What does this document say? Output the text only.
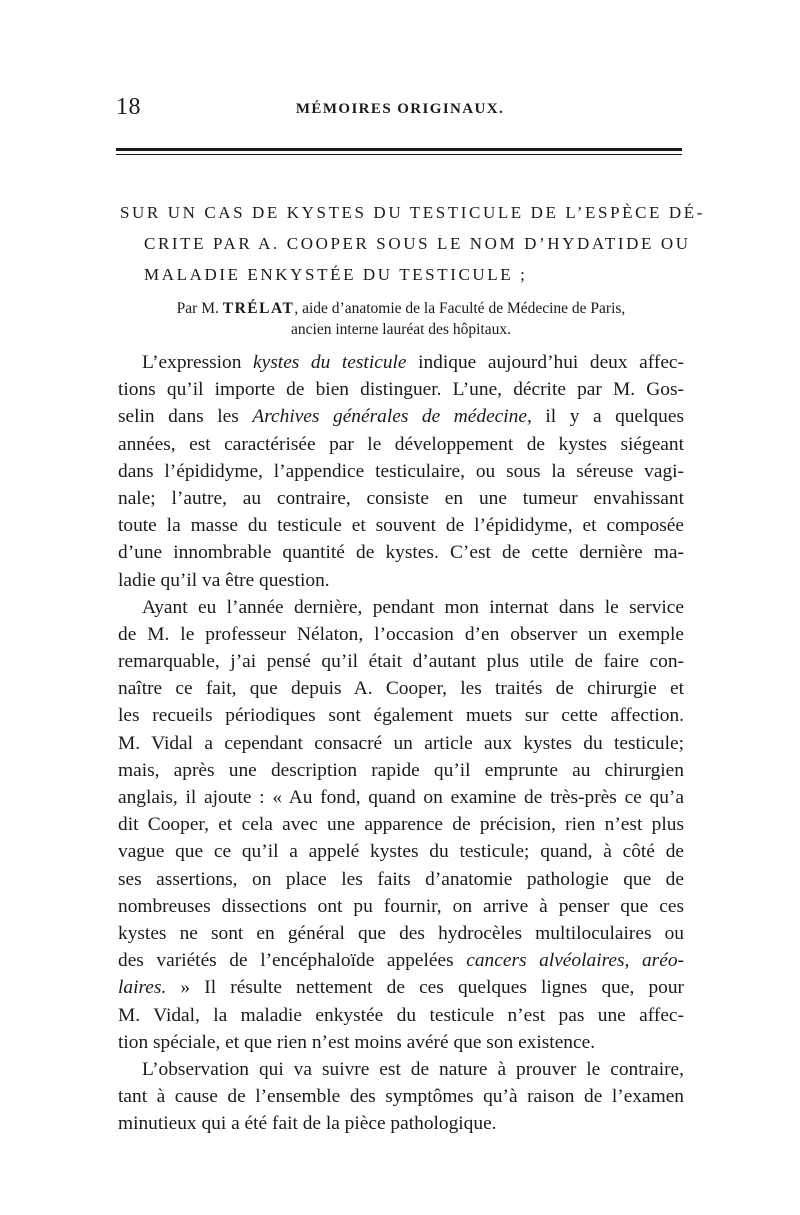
18	MÉMOIRES ORIGINAUX.
SUR UN CAS DE KYSTES DU TESTICULE DE L’ESPÈCE DÉ-
CRITE PAR A. COOPER SOUS LE NOM D’HYDATIDE OU
MALADIE ENKYSTÉE DU TESTICULE ;
Par M. TRÉLAT, aide d’anatomie de la Faculté de Médecine de Paris,
ancien interne lauréat des hôpitaux.
L’expression kystes du testicule indique aujourd’hui deux affec-
tions qu’il importe de bien distinguer. L’une, décrite par M. Gos-
selin dans les Archives générales de médecine, il y a quelques
années, est caractérisée par le développement de kystes siégeant
dans l’épididyme, l’appendice testiculaire, ou sous la séreuse vagi-
nale; l’autre, au contraire, consiste en une tumeur envahissant
toute la masse du testicule et souvent de l’épididyme, et composée
d’une innombrable quantité de kystes. C’est de cette dernière ma-
ladie qu’il va être question.
Ayant eu l’année dernière, pendant mon internat dans le service
de M. le professeur Nélaton, l’occasion d’en observer un exemple
remarquable, j’ai pensé qu’il était d’autant plus utile de faire con-
naître ce fait, que depuis A. Cooper, les traités de chirurgie et
les recueils périodiques sont également muets sur cette affection.
M. Vidal a cependant consacré un article aux kystes du testicule;
mais, après une description rapide qu’il emprunte au chirurgien
anglais, il ajoute : « Au fond, quand on examine de très-près ce qu’a
dit Cooper, et cela avec une apparence de précision, rien n’est plus
vague que ce qu’il a appelé kystes du testicule; quand, à côté de
ses assertions, on place les faits d’anatomie pathologie que de
nombreuses dissections ont pu fournir, on arrive à penser que ces
kystes ne sont en général que des hydrocèles multiloculaires ou
des variétés de l’encéphaloïde appelées cancers alvéolaires, aréo-
laires. » Il résulte nettement de ces quelques lignes que, pour
M. Vidal, la maladie enkystée du testicule n’est pas une affec-
tion spéciale, et que rien n’est moins avéré que son existence.
L’observation qui va suivre est de nature à prouver le contraire,
tant à cause de l’ensemble des symptômes qu’à raison de l’examen
minutieux qui a été fait de la pièce pathologique.
